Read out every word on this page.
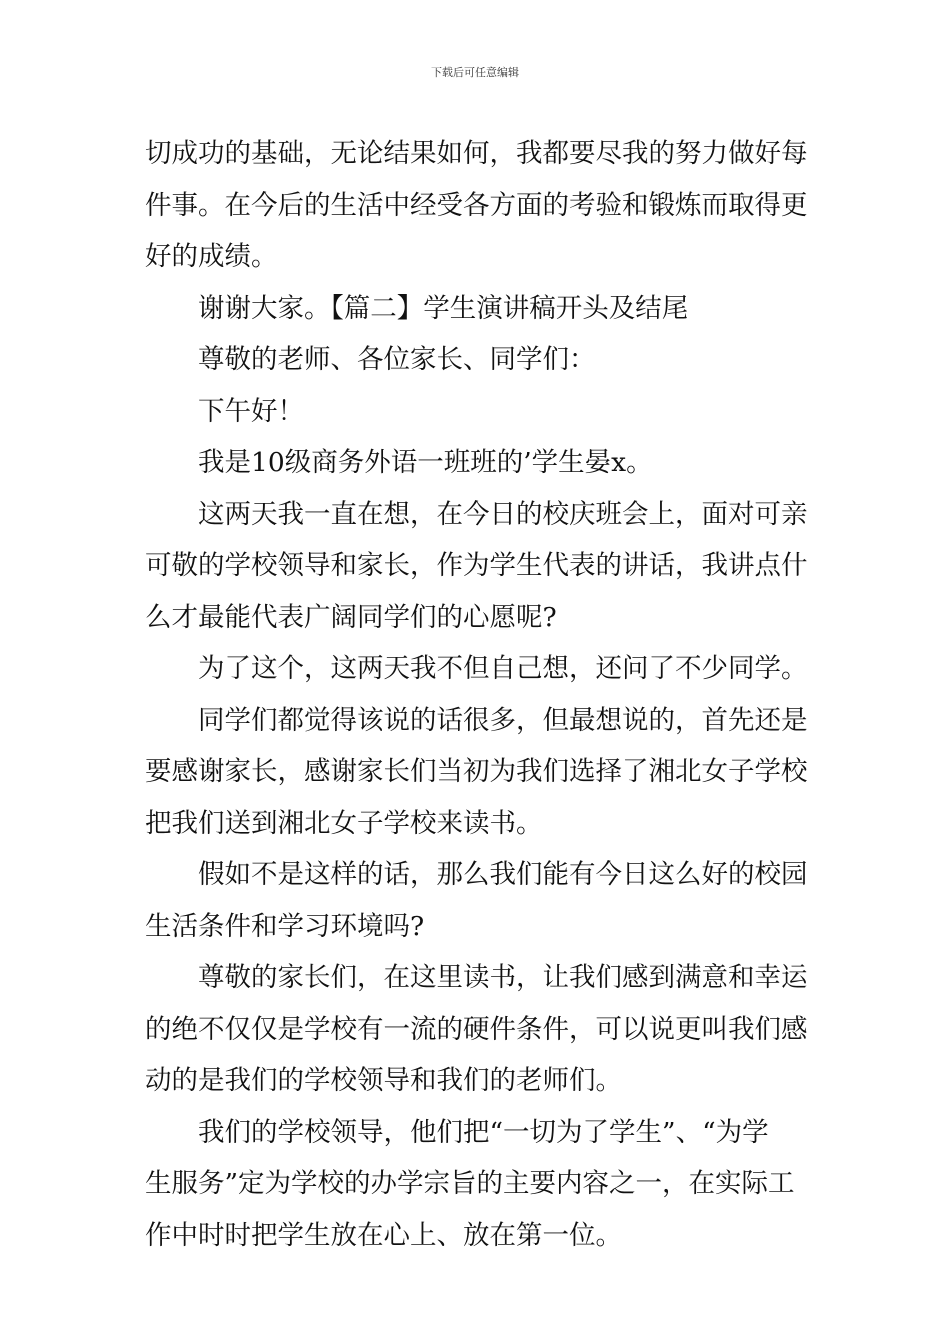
下载后可任意编辑

切成功的基础，无论结果如何，我都要尽我的努力做好每
件事。在今后的生活中经受各方面的考验和锻炼而取得更
好的成绩。

谢谢大家。【篇二】学生演讲稿开头及结尾

尊敬的老师、各位家长、同学们：

下午好！

我是10级商务外语一班班的’学生晏x。

这两天我一直在想，在今日的校庆班会上，面对可亲
可敬的学校领导和家长，作为学生代表的讲话，我讲点什
么才最能代表广阔同学们的心愿呢?

为了这个，这两天我不但自己想，还问了不少同学。

同学们都觉得该说的话很多，但最想说的，首先还是
要感谢家长，感谢家长们当初为我们选择了湘北女子学校
把我们送到湘北女子学校来读书。

假如不是这样的话，那么我们能有今日这么好的校园
生活条件和学习环境吗?

尊敬的家长们，在这里读书，让我们感到满意和幸运
的绝不仅仅是学校有一流的硬件条件，可以说更叫我们感
动的是我们的学校领导和我们的老师们。

我们的学校领导，他们把“一切为了学生”、“为学
生服务”定为学校的办学宗旨的主要内容之一，在实际工
作中时时把学生放在心上、放在第一位。
